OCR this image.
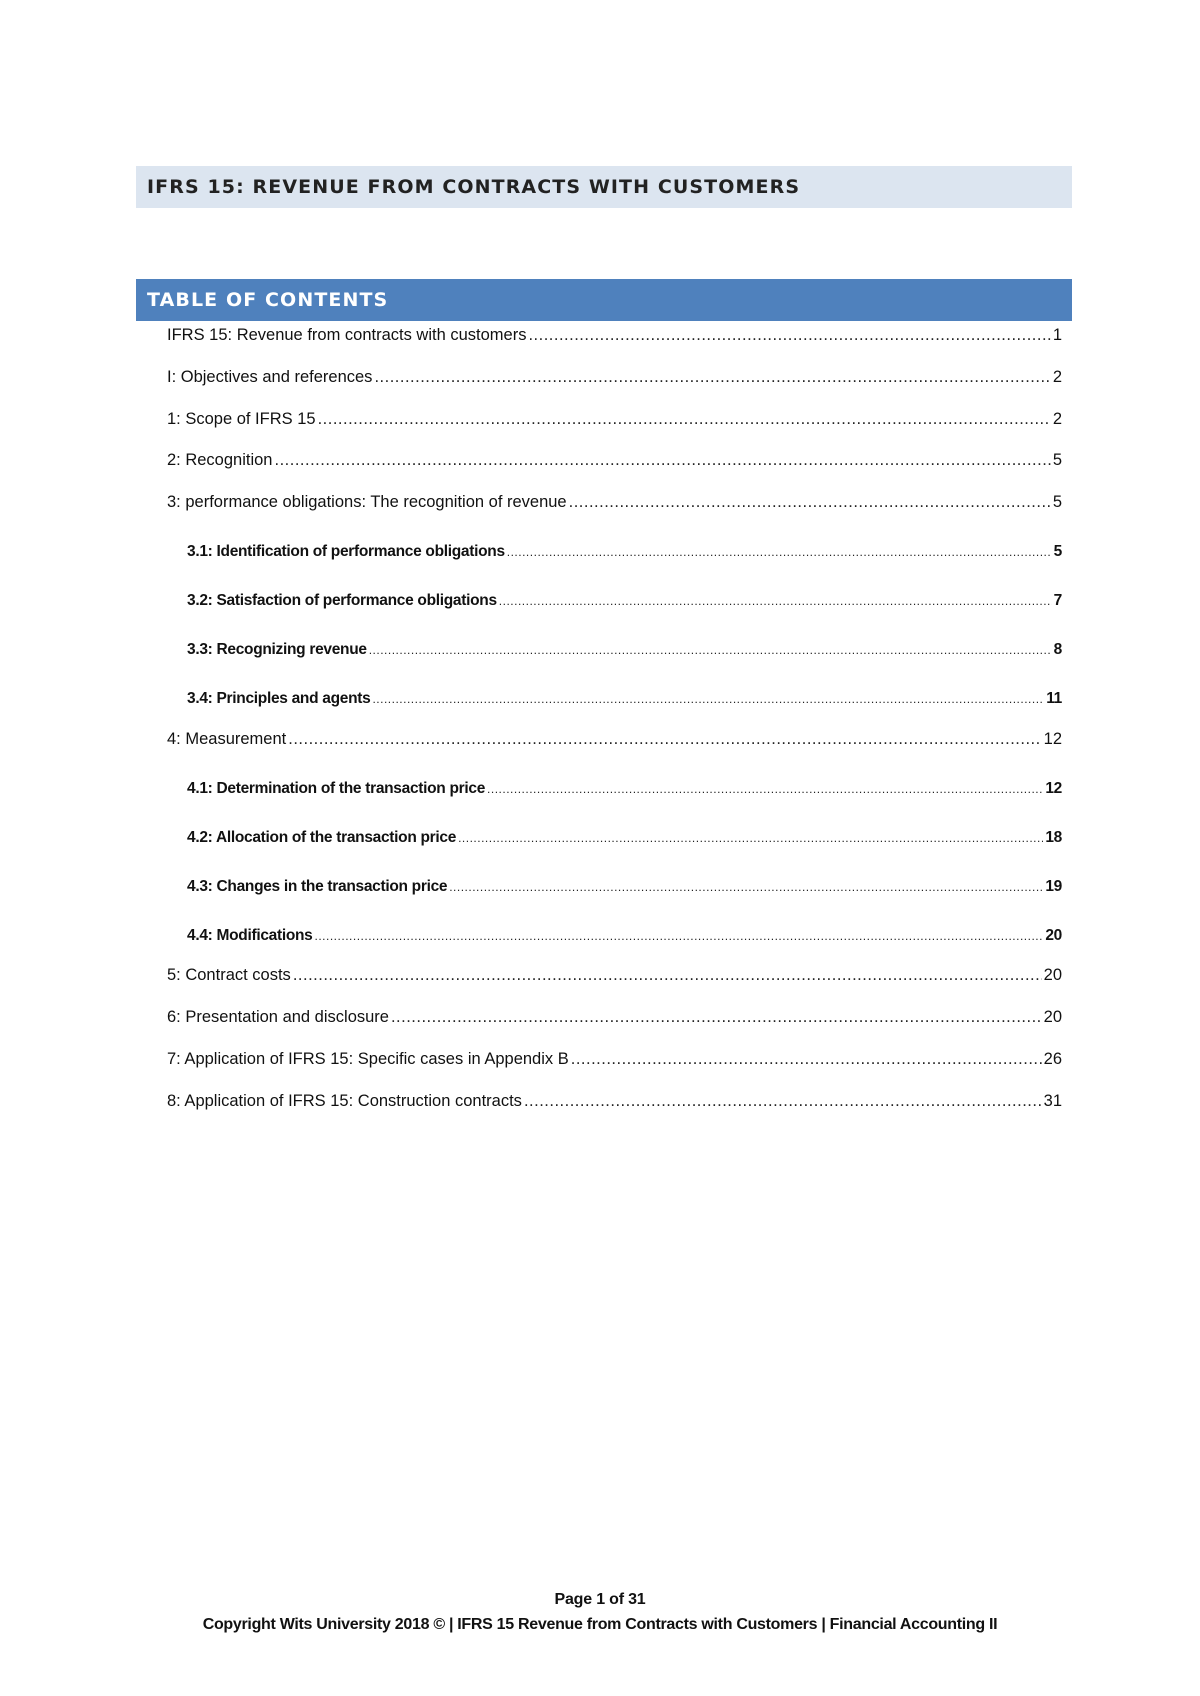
IFRS 15: REVENUE FROM CONTRACTS WITH CUSTOMERS
TABLE OF CONTENTS
IFRS 15: Revenue from contracts with customers .....	1
I: Objectives and references .....	2
1: Scope of IFRS 15 .....	2
2: Recognition .....	5
3: performance obligations: The recognition of revenue .....	5
3.1: Identification of performance obligations .....	5
3.2: Satisfaction of performance obligations .....	7
3.3: Recognizing revenue .....	8
3.4: Principles and agents .....	11
4: Measurement .....	12
4.1: Determination of the transaction price .....	12
4.2: Allocation of the transaction price .....	18
4.3: Changes in the transaction price .....	19
4.4: Modifications .....	20
5: Contract costs .....	20
6: Presentation and disclosure .....	20
7: Application of IFRS 15: Specific cases in Appendix B .....	26
8: Application of IFRS 15: Construction contracts .....	31
Page 1 of 31
Copyright Wits University 2018 © | IFRS 15 Revenue from Contracts with Customers | Financial Accounting II
